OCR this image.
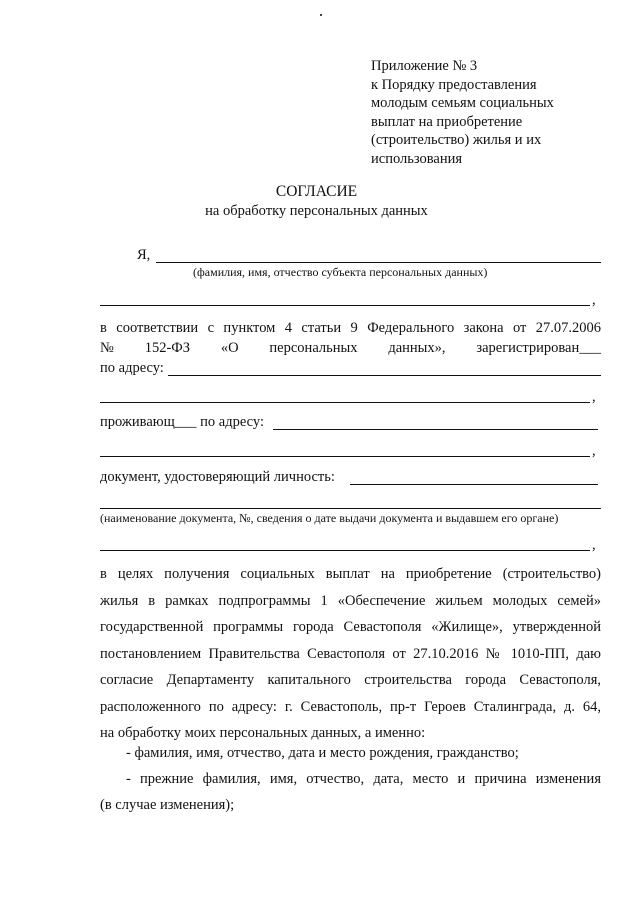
Приложение № 3
к Порядку предоставления
молодым семьям социальных
выплат на приобретение
(строительство) жилья и их
использования
СОГЛАСИЕ
на обработку персональных данных
Я,
(фамилия, имя, отчество субъекта персональных данных)
,
в соответствии с пунктом 4 статьи 9 Федерального закона от 27.07.2006
№ 152-ФЗ «О персональных данных», зарегистрирован___
по адресу:
,
проживающ___ по адресу:
,
документ, удостоверяющий личность:
(наименование документа, №, сведения о дате выдачи документа и выдавшем его органе)
,
в целях получения социальных выплат на приобретение (строительство)
жилья в рамках подпрограммы 1 «Обеспечение жильем молодых семей»
государственной программы города Севастополя «Жилище», утвержденной
постановлением Правительства Севастополя от 27.10.2016 № 1010-ПП, даю
согласие Департаменту капитального строительства города Севастополя,
расположенного по адресу: г. Севастополь, пр-т Героев Сталинграда, д. 64,
на обработку моих персональных данных, а именно:
- фамилия, имя, отчество, дата и место рождения, гражданство;
- прежние фамилия, имя, отчество, дата, место и причина изменения
(в случае изменения);
